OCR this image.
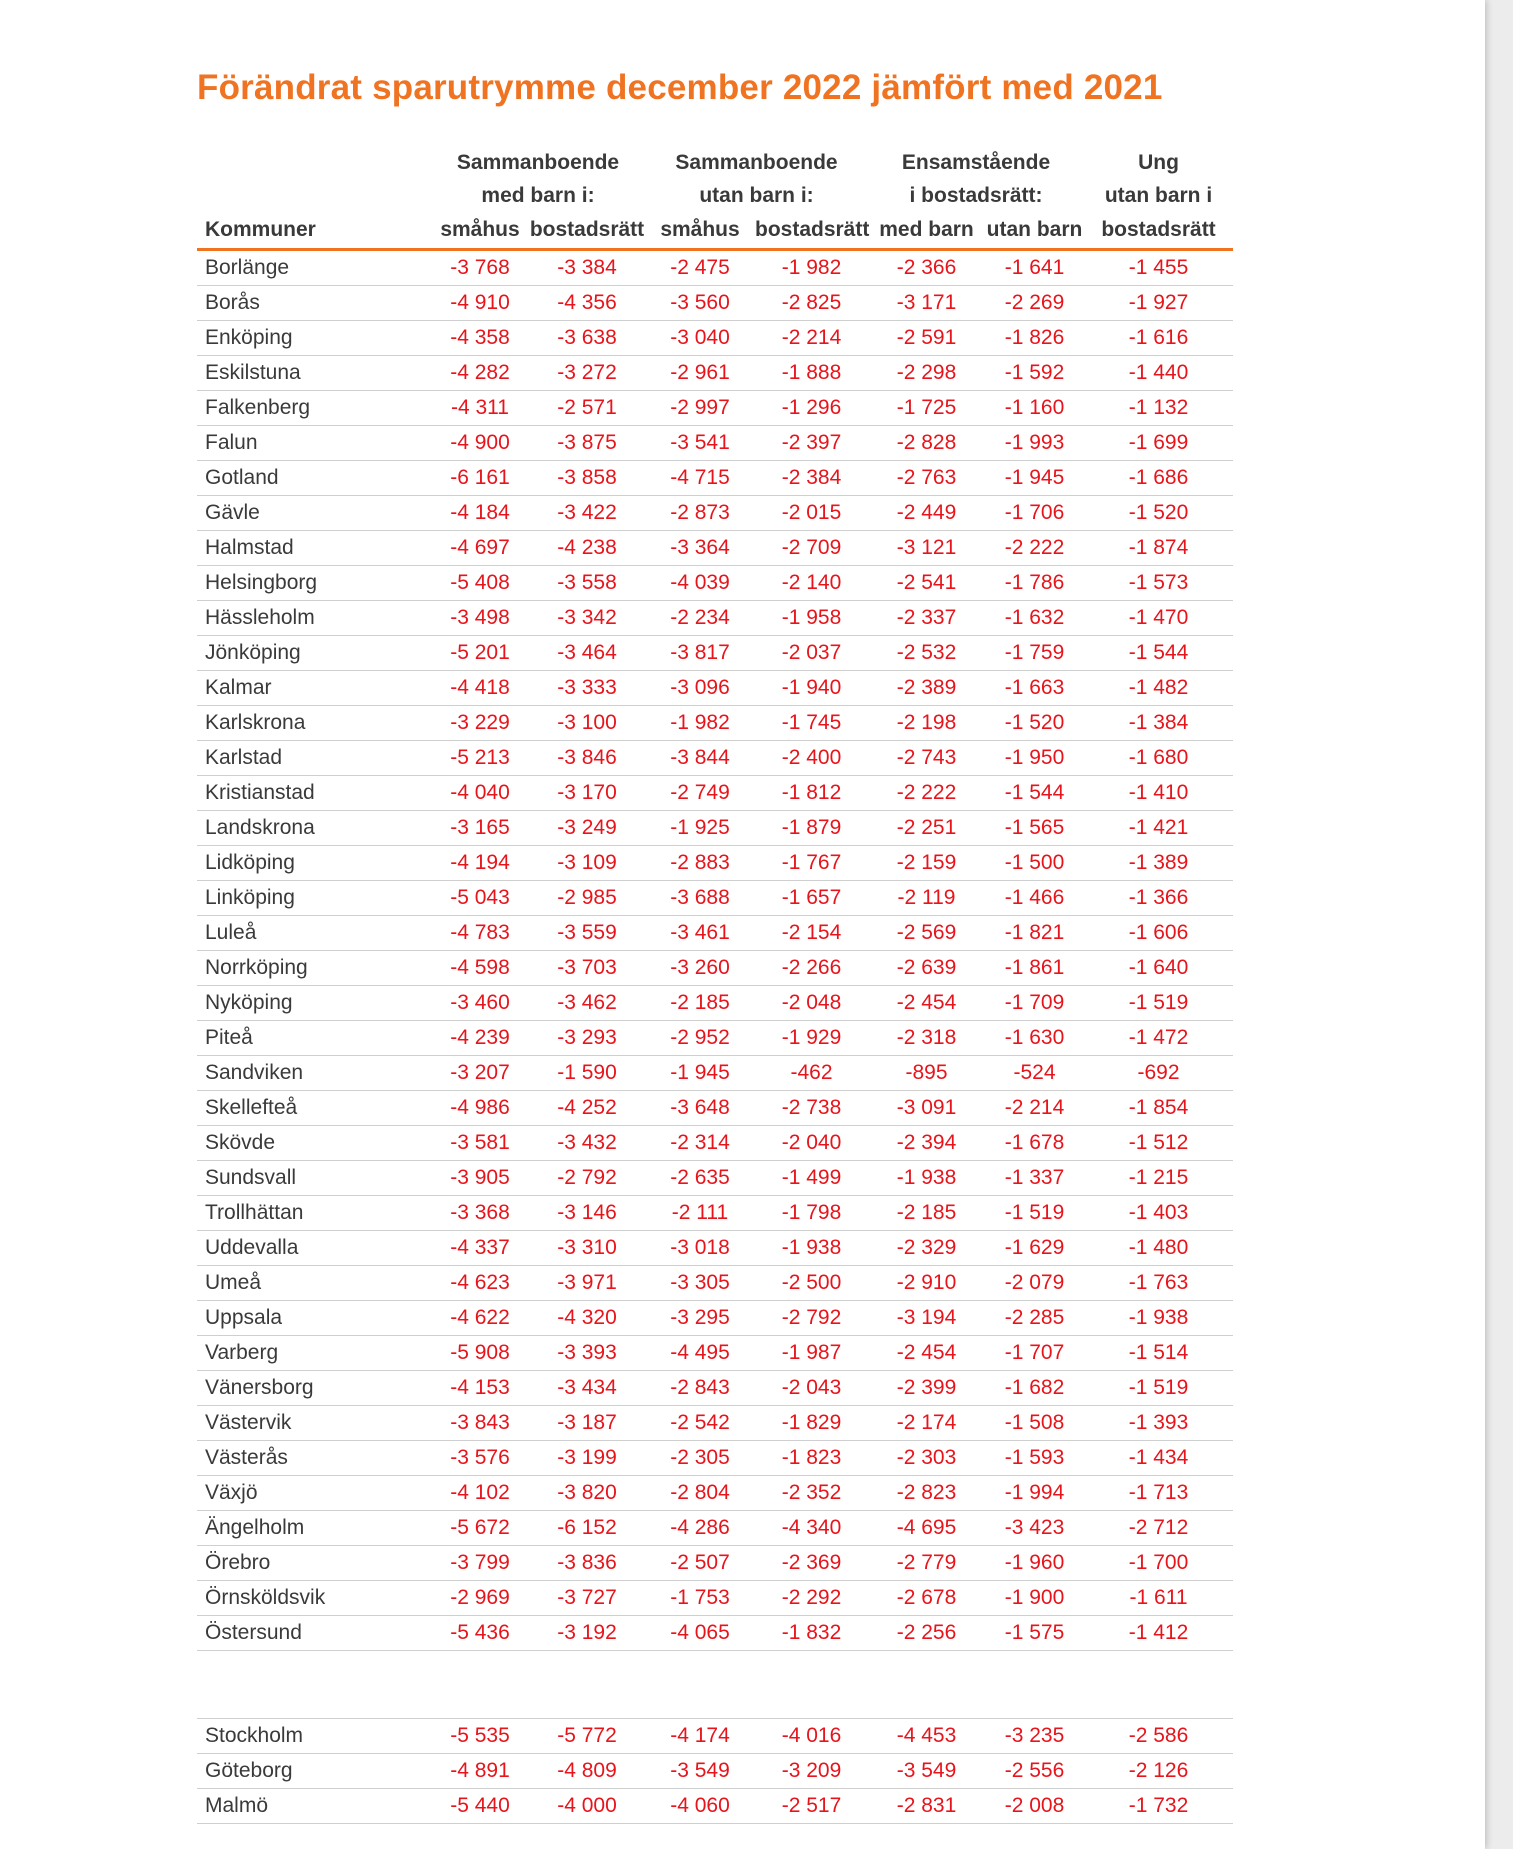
Förändrat sparutrymme december 2022 jämfört med 2021
	Sammanboende		Sammanboende		Ensamstående		Ung
	med barn i:		utan barn i:		i bostadsrätt:		utan barn i
Kommuner	småhus	bostadsrätt	småhus	bostadsrätt	med barn	utan barn	bostadsrätt
Borlänge	-3 768	-3 384	-2 475	-1 982	-2 366	-1 641	-1 455
Borås	-4 910	-4 356	-3 560	-2 825	-3 171	-2 269	-1 927
Enköping	-4 358	-3 638	-3 040	-2 214	-2 591	-1 826	-1 616
Eskilstuna	-4 282	-3 272	-2 961	-1 888	-2 298	-1 592	-1 440
Falkenberg	-4 311	-2 571	-2 997	-1 296	-1 725	-1 160	-1 132
Falun	-4 900	-3 875	-3 541	-2 397	-2 828	-1 993	-1 699
Gotland	-6 161	-3 858	-4 715	-2 384	-2 763	-1 945	-1 686
Gävle	-4 184	-3 422	-2 873	-2 015	-2 449	-1 706	-1 520
Halmstad	-4 697	-4 238	-3 364	-2 709	-3 121	-2 222	-1 874
Helsingborg	-5 408	-3 558	-4 039	-2 140	-2 541	-1 786	-1 573
Hässleholm	-3 498	-3 342	-2 234	-1 958	-2 337	-1 632	-1 470
Jönköping	-5 201	-3 464	-3 817	-2 037	-2 532	-1 759	-1 544
Kalmar	-4 418	-3 333	-3 096	-1 940	-2 389	-1 663	-1 482
Karlskrona	-3 229	-3 100	-1 982	-1 745	-2 198	-1 520	-1 384
Karlstad	-5 213	-3 846	-3 844	-2 400	-2 743	-1 950	-1 680
Kristianstad	-4 040	-3 170	-2 749	-1 812	-2 222	-1 544	-1 410
Landskrona	-3 165	-3 249	-1 925	-1 879	-2 251	-1 565	-1 421
Lidköping	-4 194	-3 109	-2 883	-1 767	-2 159	-1 500	-1 389
Linköping	-5 043	-2 985	-3 688	-1 657	-2 119	-1 466	-1 366
Luleå	-4 783	-3 559	-3 461	-2 154	-2 569	-1 821	-1 606
Norrköping	-4 598	-3 703	-3 260	-2 266	-2 639	-1 861	-1 640
Nyköping	-3 460	-3 462	-2 185	-2 048	-2 454	-1 709	-1 519
Piteå	-4 239	-3 293	-2 952	-1 929	-2 318	-1 630	-1 472
Sandviken	-3 207	-1 590	-1 945	-462	-895	-524	-692
Skellefteå	-4 986	-4 252	-3 648	-2 738	-3 091	-2 214	-1 854
Skövde	-3 581	-3 432	-2 314	-2 040	-2 394	-1 678	-1 512
Sundsvall	-3 905	-2 792	-2 635	-1 499	-1 938	-1 337	-1 215
Trollhättan	-3 368	-3 146	-2 111	-1 798	-2 185	-1 519	-1 403
Uddevalla	-4 337	-3 310	-3 018	-1 938	-2 329	-1 629	-1 480
Umeå	-4 623	-3 971	-3 305	-2 500	-2 910	-2 079	-1 763
Uppsala	-4 622	-4 320	-3 295	-2 792	-3 194	-2 285	-1 938
Varberg	-5 908	-3 393	-4 495	-1 987	-2 454	-1 707	-1 514
Vänersborg	-4 153	-3 434	-2 843	-2 043	-2 399	-1 682	-1 519
Västervik	-3 843	-3 187	-2 542	-1 829	-2 174	-1 508	-1 393
Västerås	-3 576	-3 199	-2 305	-1 823	-2 303	-1 593	-1 434
Växjö	-4 102	-3 820	-2 804	-2 352	-2 823	-1 994	-1 713
Ängelholm	-5 672	-6 152	-4 286	-4 340	-4 695	-3 423	-2 712
Örebro	-3 799	-3 836	-2 507	-2 369	-2 779	-1 960	-1 700
Örnsköldsvik	-2 969	-3 727	-1 753	-2 292	-2 678	-1 900	-1 611
Östersund	-5 436	-3 192	-4 065	-1 832	-2 256	-1 575	-1 412

Stockholm	-5 535	-5 772	-4 174	-4 016	-4 453	-3 235	-2 586
Göteborg	-4 891	-4 809	-3 549	-3 209	-3 549	-2 556	-2 126
Malmö	-5 440	-4 000	-4 060	-2 517	-2 831	-2 008	-1 732
